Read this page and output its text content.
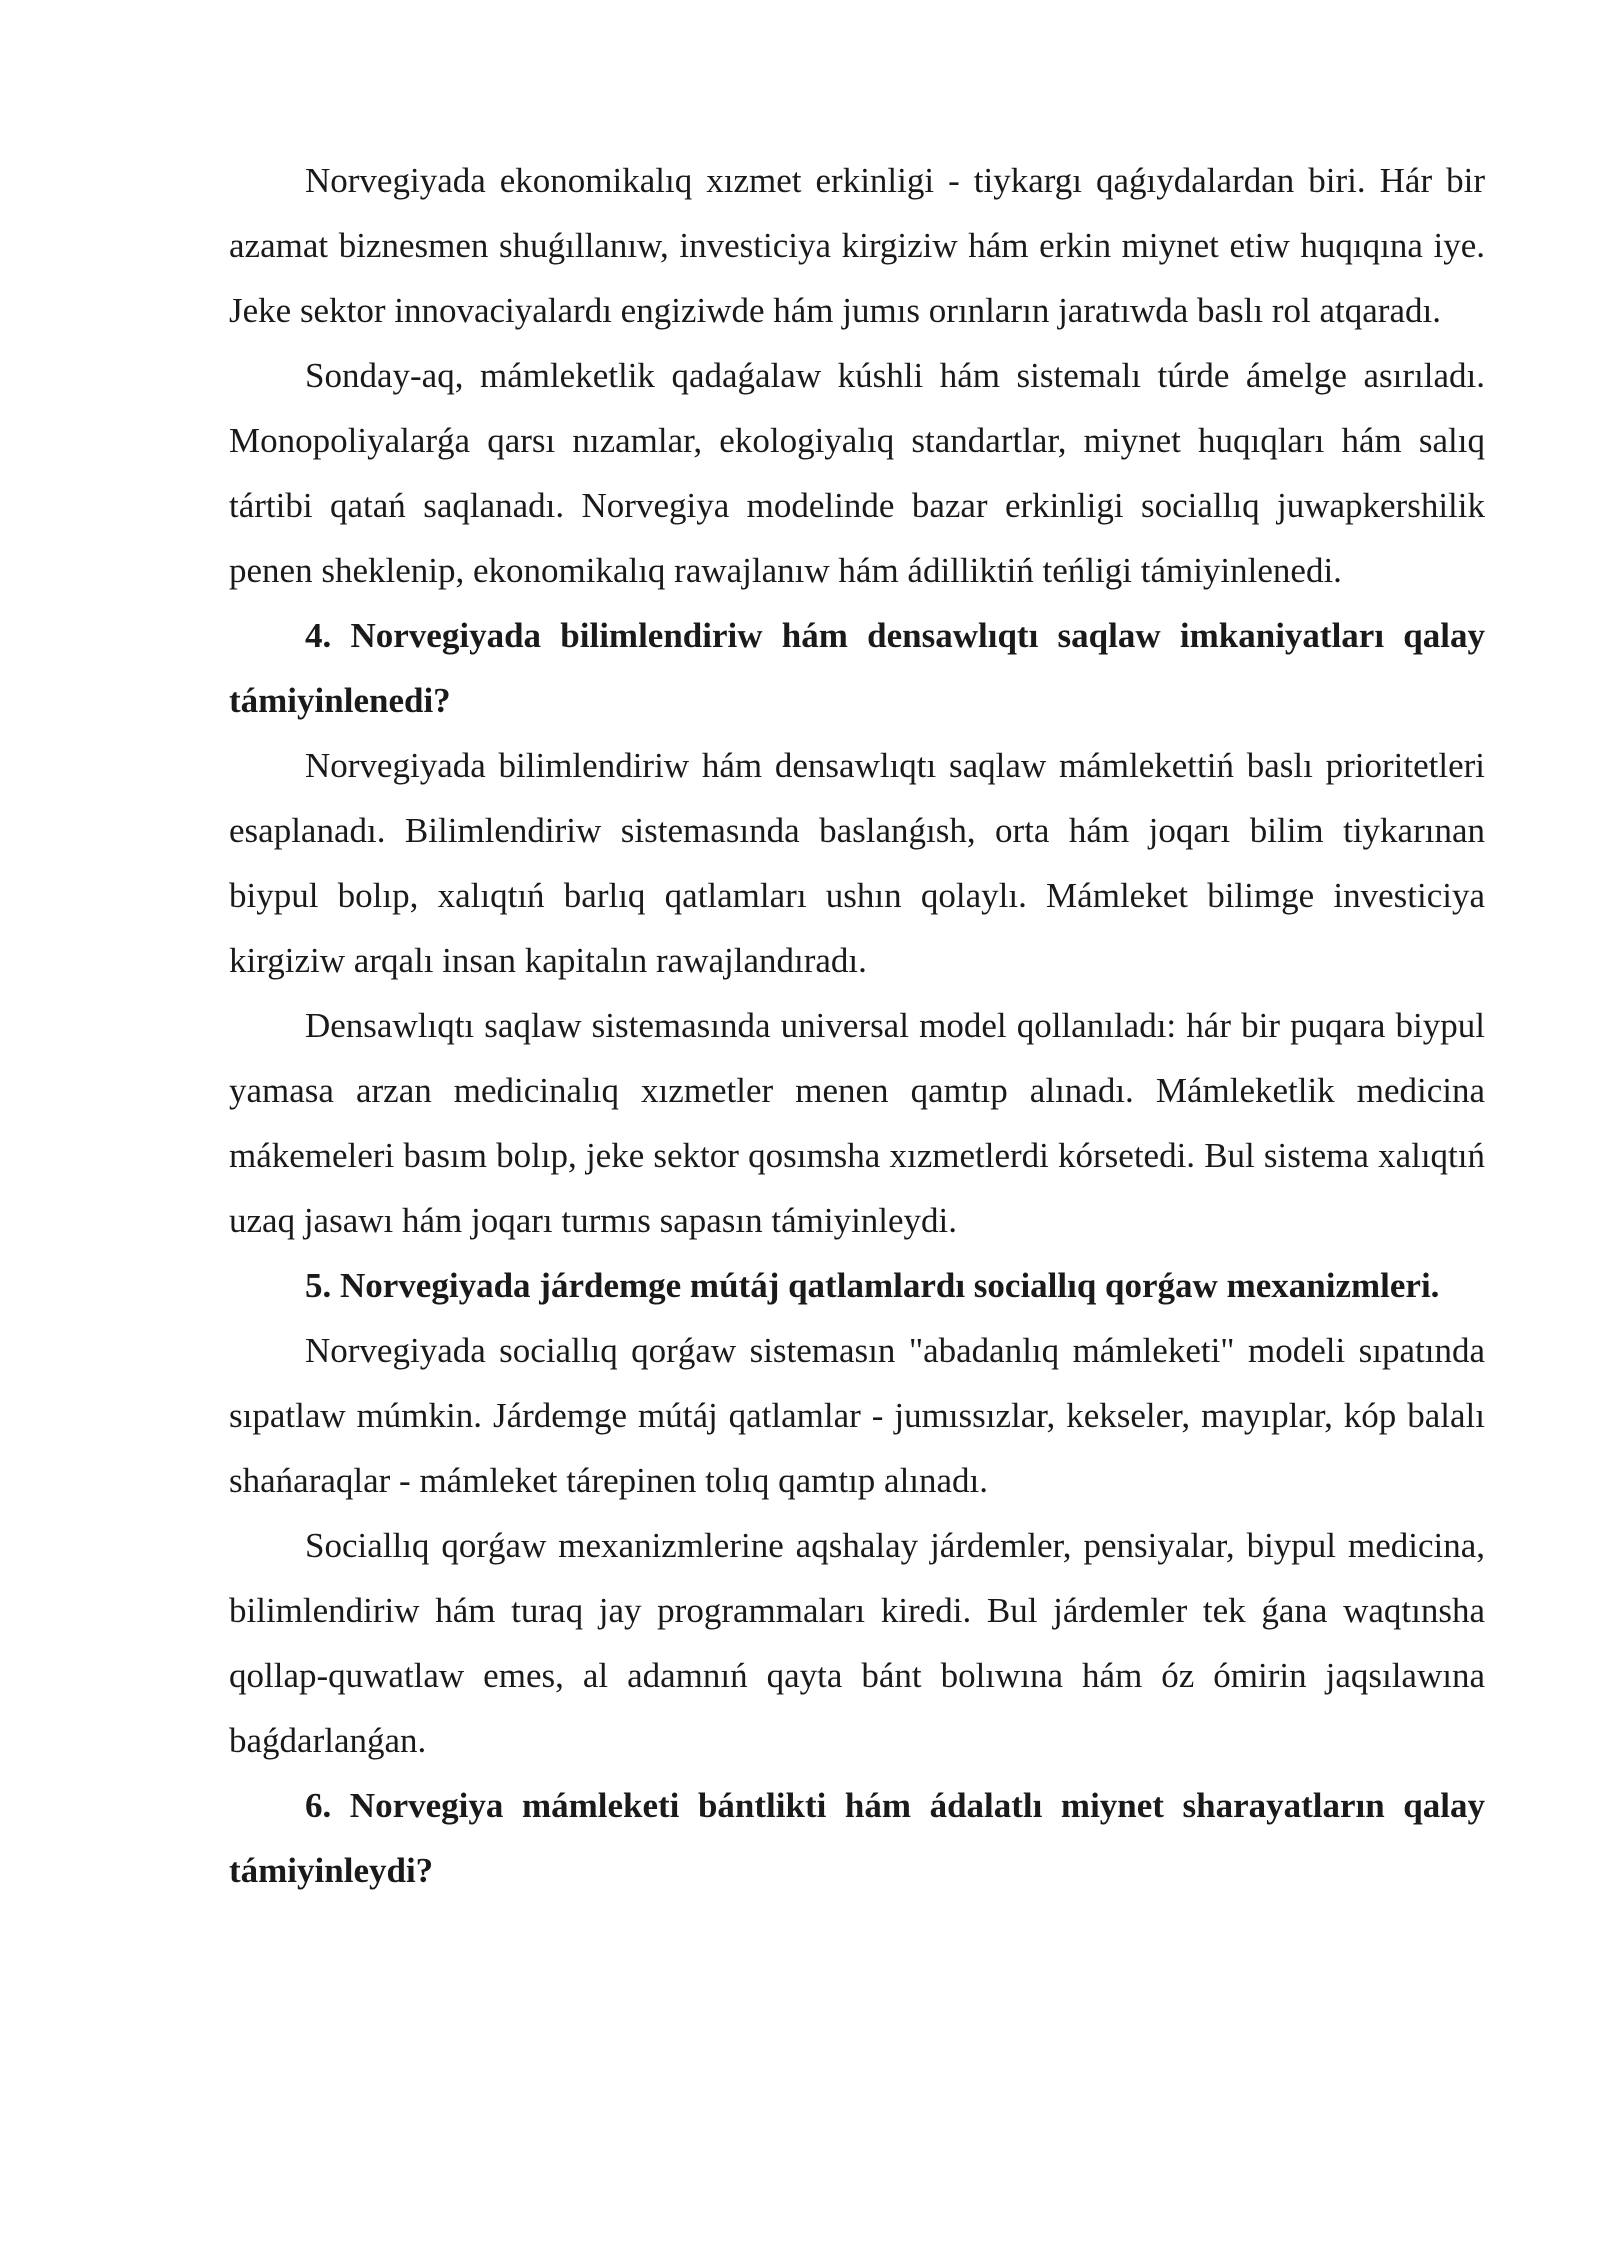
Norvegiyada ekonomikalıq xızmet erkinligi - tiykargı qaǵıydalardan biri. Hár bir azamat biznesmen shuǵıllanıw, investiciya kirgiziw hám erkin miynet etiw huqıqına iye. Jeke sektor innovaciyalardı engiziwde hám jumıs orınların jaratıwda baslı rol atqaradı.

Sonday-aq, mámleketlik qadaǵalaw kúshli hám sistemalı túrde ámelge asırıladı. Monopoliyalarǵa qarsı nızamlar, ekologiyalıq standartlar, miynet huqıqları hám salıq tártibi qatań saqlanadı. Norvegiya modelinde bazar erkinligi sociallıq juwapkershilik penen sheklenip, ekonomikalıq rawajlanıw hám ádilliktiń teńligi támiyinlenedi.

4. Norvegiyada bilimlendiriw hám densawlıqtı saqlaw imkaniyatları qalay támiyinlenedi?

Norvegiyada bilimlendiriw hám densawlıqtı saqlaw mámlekettiń baslı prioritetleri esaplanadı. Bilimlendiriw sistemasında baslanǵısh, orta hám joqarı bilim tiykarınan biypul bolıp, xalıqtıń barlıq qatlamları ushın qolaylı. Mámleket bilimge investiciya kirgiziw arqalı insan kapitalın rawajlandıradı.

Densawlıqtı saqlaw sistemasında universal model qollanıladı: hár bir puqara biypul yamasa arzan medicinalıq xızmetler menen qamtıp alınadı. Mámleketlik medicina mákemeleri basım bolıp, jeke sektor qosımsha xızmetlerdi kórsetedi. Bul sistema xalıqtıń uzaq jasawı hám joqarı turmıs sapasın támiyinleydi.

5. Norvegiyada járdemge mútáj qatlamlardı sociallıq qorǵaw mexanizmleri.

Norvegiyada sociallıq qorǵaw sistemasın "abadanlıq mámleketi" modeli sıpatında sıpatlaw múmkin. Járdemge mútáj qatlamlar - jumıssızlar, kekseler, mayıplar, kóp balalı shańaraqlar - mámleket tárepinen tolıq qamtıp alınadı.

Sociallıq qorǵaw mexanizmlerine aqshalay járdemler, pensiyalar, biypul medicina, bilimlendiriw hám turaq jay programmaları kiredi. Bul járdemler tek ǵana waqtınsha qollap-quwatlaw emes, al adamnıń qayta bánt bolıwına hám óz ómirin jaqsılawına baǵdarlanǵan.

6. Norvegiya mámleketi bántlikti hám ádalatlı miynet sharayatların qalay támiyinleydi?
